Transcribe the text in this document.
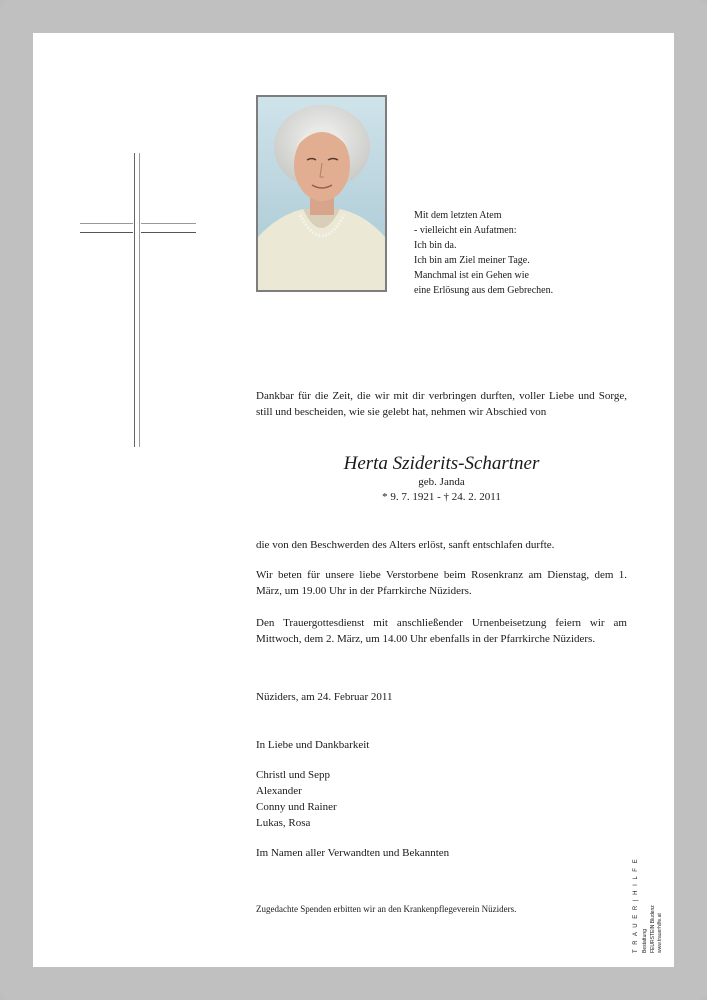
Mit dem letzten Atem
- vielleicht ein Aufatmen:
Ich bin da.
Ich bin am Ziel meiner Tage.
Manchmal ist ein Gehen wie
eine Erlösung aus dem Gebrechen.
Dankbar für die Zeit, die wir mit dir verbringen durften, voller Liebe und Sorge, still und bescheiden, wie sie gelebt hat, nehmen wir Abschied von
Herta Sziderits-Schartner
geb. Janda
* 9. 7. 1921 - † 24. 2. 2011
die von den Beschwerden des Alters erlöst, sanft entschlafen durfte.
Wir beten für unsere liebe Verstorbene beim Rosenkranz am Dienstag, dem 1. März, um 19.00 Uhr in der Pfarrkirche Nüziders.
Den Trauergottesdienst mit anschließender Urnenbeisetzung feiern wir am Mittwoch, dem 2. März, um 14.00 Uhr ebenfalls in der Pfarrkirche Nüziders.
Nüziders, am 24. Februar 2011
In Liebe und Dankbarkeit
Christl und Sepp
Alexander
Conny und Rainer
Lukas, Rosa
Im Namen aller Verwandten und Bekannten
Zugedachte Spenden erbitten wir an den Krankenpflegeverein Nüziders.	T R A U E R | H I L F E Bestattung FEURSTEIN Bludenz www.trauerhilfe.at
